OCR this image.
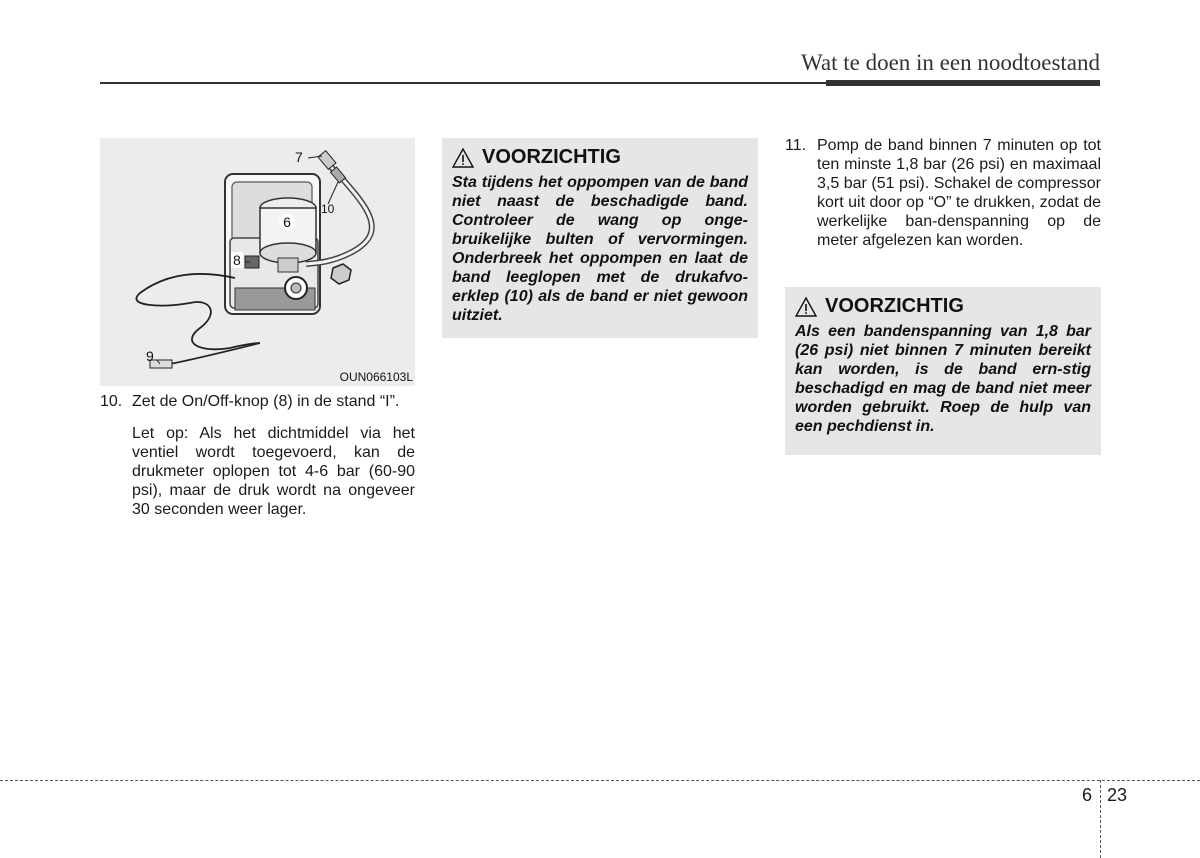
Wat te doen in een noodtoestand
7
10
6
8
9
OUN066103L
10. Zet de On/Off-knop (8) in de stand “I”.
Let op: Als het dichtmiddel via het ventiel wordt toegevoerd, kan de drukmeter oplopen tot 4-6 bar (60-90 psi), maar de druk wordt na ongeveer 30 seconden weer lager.
VOORZICHTIG
Sta tijdens het oppompen van de band niet naast de beschadigde band. Controleer de wang op onge-bruikelijke bulten of vervormingen. Onderbreek het oppompen en laat de band leeglopen met de drukafvo-erklep (10) als de band er niet gewoon uitziet.
11. Pomp de band binnen 7 minuten op tot ten minste 1,8 bar (26 psi) en maximaal 3,5 bar (51 psi). Schakel de compressor kort uit door op “O” te drukken, zodat de werkelijke ban-denspanning op de meter afgelezen kan worden.
VOORZICHTIG
Als een bandenspanning van 1,8 bar (26 psi) niet binnen 7 minuten bereikt kan worden, is de band ern-stig beschadigd en mag de band niet meer worden gebruikt. Roep de hulp van een pechdienst in.
6 23
